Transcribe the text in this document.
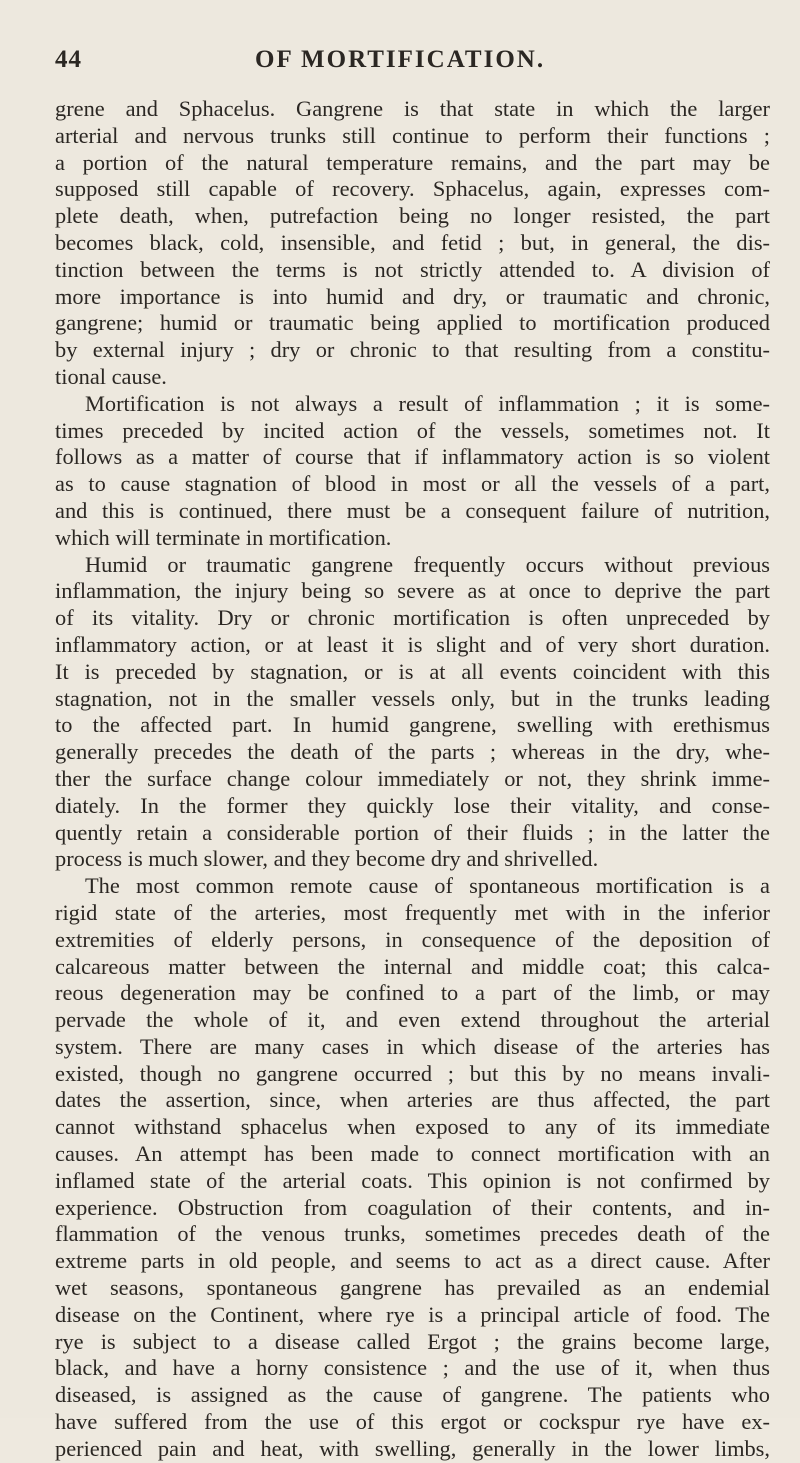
44	OF MORTIFICATION.
grene and Sphacelus. Gangrene is that state in which the larger
arterial and nervous trunks still continue to perform their functions ;
a portion of the natural temperature remains, and the part may be
supposed still capable of recovery. Sphacelus, again, expresses com-
plete death, when, putrefaction being no longer resisted, the part
becomes black, cold, insensible, and fetid ; but, in general, the dis-
tinction between the terms is not strictly attended to. A division of
more importance is into humid and dry, or traumatic and chronic,
gangrene; humid or traumatic being applied to mortification produced
by external injury ; dry or chronic to that resulting from a constitu-
tional cause.
Mortification is not always a result of inflammation ; it is some-
times preceded by incited action of the vessels, sometimes not. It
follows as a matter of course that if inflammatory action is so violent
as to cause stagnation of blood in most or all the vessels of a part,
and this is continued, there must be a consequent failure of nutrition,
which will terminate in mortification.
Humid or traumatic gangrene frequently occurs without previous
inflammation, the injury being so severe as at once to deprive the part
of its vitality. Dry or chronic mortification is often unpreceded by
inflammatory action, or at least it is slight and of very short duration.
It is preceded by stagnation, or is at all events coincident with this
stagnation, not in the smaller vessels only, but in the trunks leading
to the affected part. In humid gangrene, swelling with erethismus
generally precedes the death of the parts ; whereas in the dry, whe-
ther the surface change colour immediately or not, they shrink imme-
diately. In the former they quickly lose their vitality, and conse-
quently retain a considerable portion of their fluids ; in the latter the
process is much slower, and they become dry and shrivelled.
The most common remote cause of spontaneous mortification is a
rigid state of the arteries, most frequently met with in the inferior
extremities of elderly persons, in consequence of the deposition of
calcareous matter between the internal and middle coat; this calca-
reous degeneration may be confined to a part of the limb, or may
pervade the whole of it, and even extend throughout the arterial
system. There are many cases in which disease of the arteries has
existed, though no gangrene occurred ; but this by no means invali-
dates the assertion, since, when arteries are thus affected, the part
cannot withstand sphacelus when exposed to any of its immediate
causes. An attempt has been made to connect mortification with an
inflamed state of the arterial coats. This opinion is not confirmed by
experience. Obstruction from coagulation of their contents, and in-
flammation of the venous trunks, sometimes precedes death of the
extreme parts in old people, and seems to act as a direct cause. After
wet seasons, spontaneous gangrene has prevailed as an endemial
disease on the Continent, where rye is a principal article of food. The
rye is subject to a disease called Ergot ; the grains become large,
black, and have a horny consistence ; and the use of it, when thus
diseased, is assigned as the cause of gangrene. The patients who
have suffered from the use of this ergot or cockspur rye have ex-
perienced pain and heat, with swelling, generally in the lower limbs,
